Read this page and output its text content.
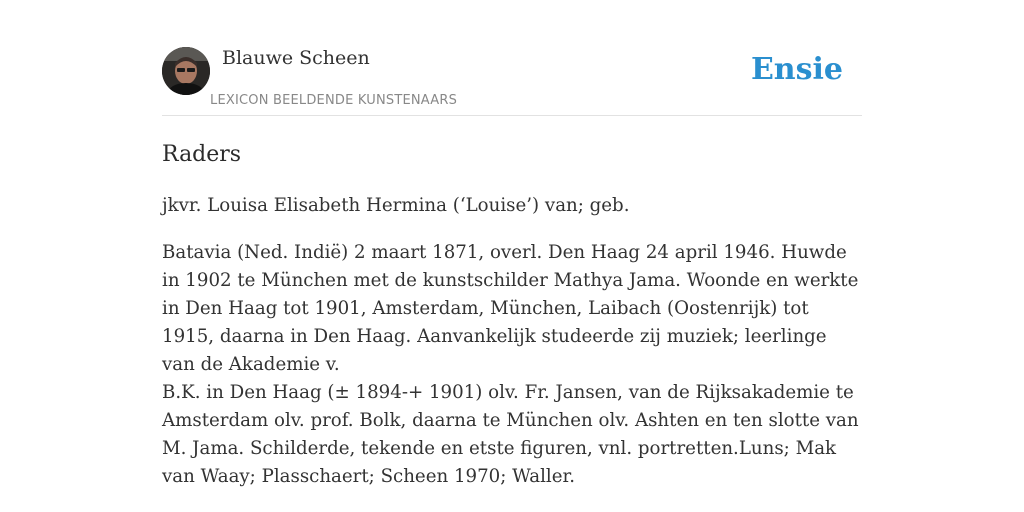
Blauwe Scheen
LEXICON BEELDENDE KUNSTENAARS
Ensie
Raders

jkvr. Louisa Elisabeth Hermina (‘Louise’) van; geb.

Batavia (Ned. Indië) 2 maart 1871, overl. Den Haag 24 april 1946. Huwde in 1902 te München met de kunstschilder Mathya Jama. Woonde en werkte in Den Haag tot 1901, Amsterdam, München, Laibach (Oostenrijk) tot 1915, daarna in Den Haag. Aanvankelijk studeerde zij muziek; leerlinge van de Akademie v.

B.K. in Den Haag (± 1894-+ 1901) olv. Fr. Jansen, van de Rijksakademie te Amsterdam olv. prof. Bolk, daarna te München olv. Ashten en ten slotte van M. Jama. Schilderde, tekende en etste figuren, vnl. portretten.Luns; Mak van Waay; Plasschaert; Scheen 1970; Waller.
